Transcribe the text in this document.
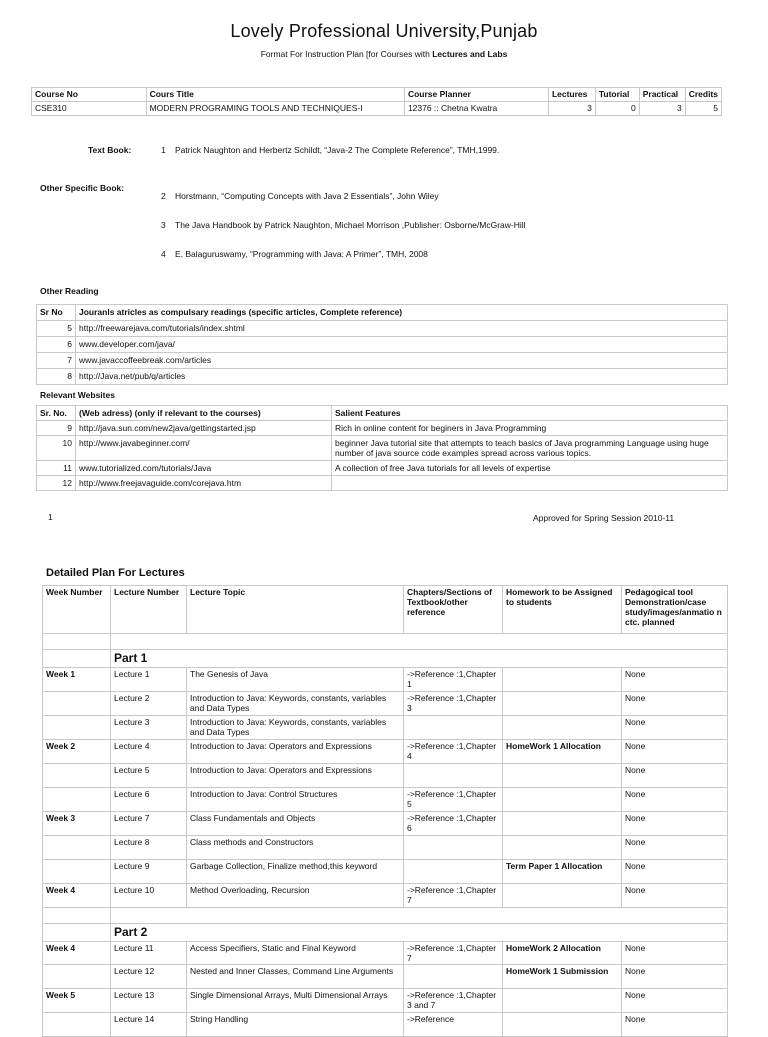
Lovely Professional University,Punjab
Format For Instruction Plan [for Courses with Lectures and Labs
Course No	Cours Title	Course Planner	Lectures	Tutorial	Practical	Credits
CSE310	MODERN PROGRAMING TOOLS AND TECHNIQUES-I	12376 :: Chetna Kwatra	3	0	3	5
Text Book:	1 Patrick Naughton and Herbertz Schildt, “Java-2 The Complete Reference”, TMH,1999.
Other Specific Book:
2 Horstmann, “Computing Concepts with Java 2 Essentials”, John Wiley
3 The Java Handbook by Patrick Naughton, Michael Morrison ,Publisher: Osborne/McGraw-Hill
4 E. Balaguruswamy, “Programming with Java: A Primer”, TMH, 2008
Other Reading
Sr No	Jouranls atricles as compulsary readings (specific articles, Complete reference)
5	http://freewarejava.com/tutorials/index.shtml
6	www.developer.com/java/
7	www.javaccoffeebreak.com/articles
8	http://Java.net/pub/q/articles
Relevant Websites
Sr. No.	(Web adress) (only if relevant to the courses)	Salient Features
9	http://java.sun.com/new2java/gettingstarted.jsp	Rich in online content for beginers in Java Programming
10	http://www.javabeginner.com/	beginner Java tutorial site that attempts to teach basics of Java programming Language using huge number of java source code examples spread across various topics.
11	www.tutorialized.com/tutorials/Java	A collection of free Java tutorials for all levels of expertise
12	http://www.freejavaguide.com/corejava.htm	
1	Approved for Spring Session 2010-11
Detailed Plan For Lectures
Week Number	Lecture Number	Lecture Topic	Chapters/Sections of Textbook/other reference	Homework to be Assigned to students	Pedagogical tool Demonstration/case study/images/anmatio n ctc. planned

	Part 1				
Week 1	Lecture 1	The Genesis of Java	->Reference :1,Chapter 1		None
	Lecture 2	Introduction to Java: Keywords, constants, variables and Data Types	->Reference :1,Chapter 3		None
	Lecture 3	Introduction to Java: Keywords, constants, variables and Data Types			None
Week 2	Lecture 4	Introduction to Java: Operators and Expressions	->Reference :1,Chapter 4	HomeWork 1 Allocation	None
	Lecture 5	Introduction to Java: Operators and Expressions			None
	Lecture 6	Introduction to Java: Control Structures	->Reference :1,Chapter 5		None
Week 3	Lecture 7	Class Fundamentals and Objects	->Reference :1,Chapter 6		None
	Lecture 8	Class methods and Constructors			None
	Lecture 9	Garbage Collection, Finalize method,this keyword		Term Paper 1 Allocation	None
Week 4	Lecture 10	Method Overloading, Recursion	->Reference :1,Chapter 7		None

	Part 2				
Week 4	Lecture 11	Access Specifiers, Static and Final Keyword	->Reference :1,Chapter 7	HomeWork 2 Allocation	None
	Lecture 12	Nested and Inner Classes, Command Line Arguments		HomeWork 1 Submission	None
Week 5	Lecture 13	Single Dimensional Arrays, Multi Dimensional Arrays	->Reference :1,Chapter 3 and 7		None
	Lecture 14	String Handling	->Reference		None
